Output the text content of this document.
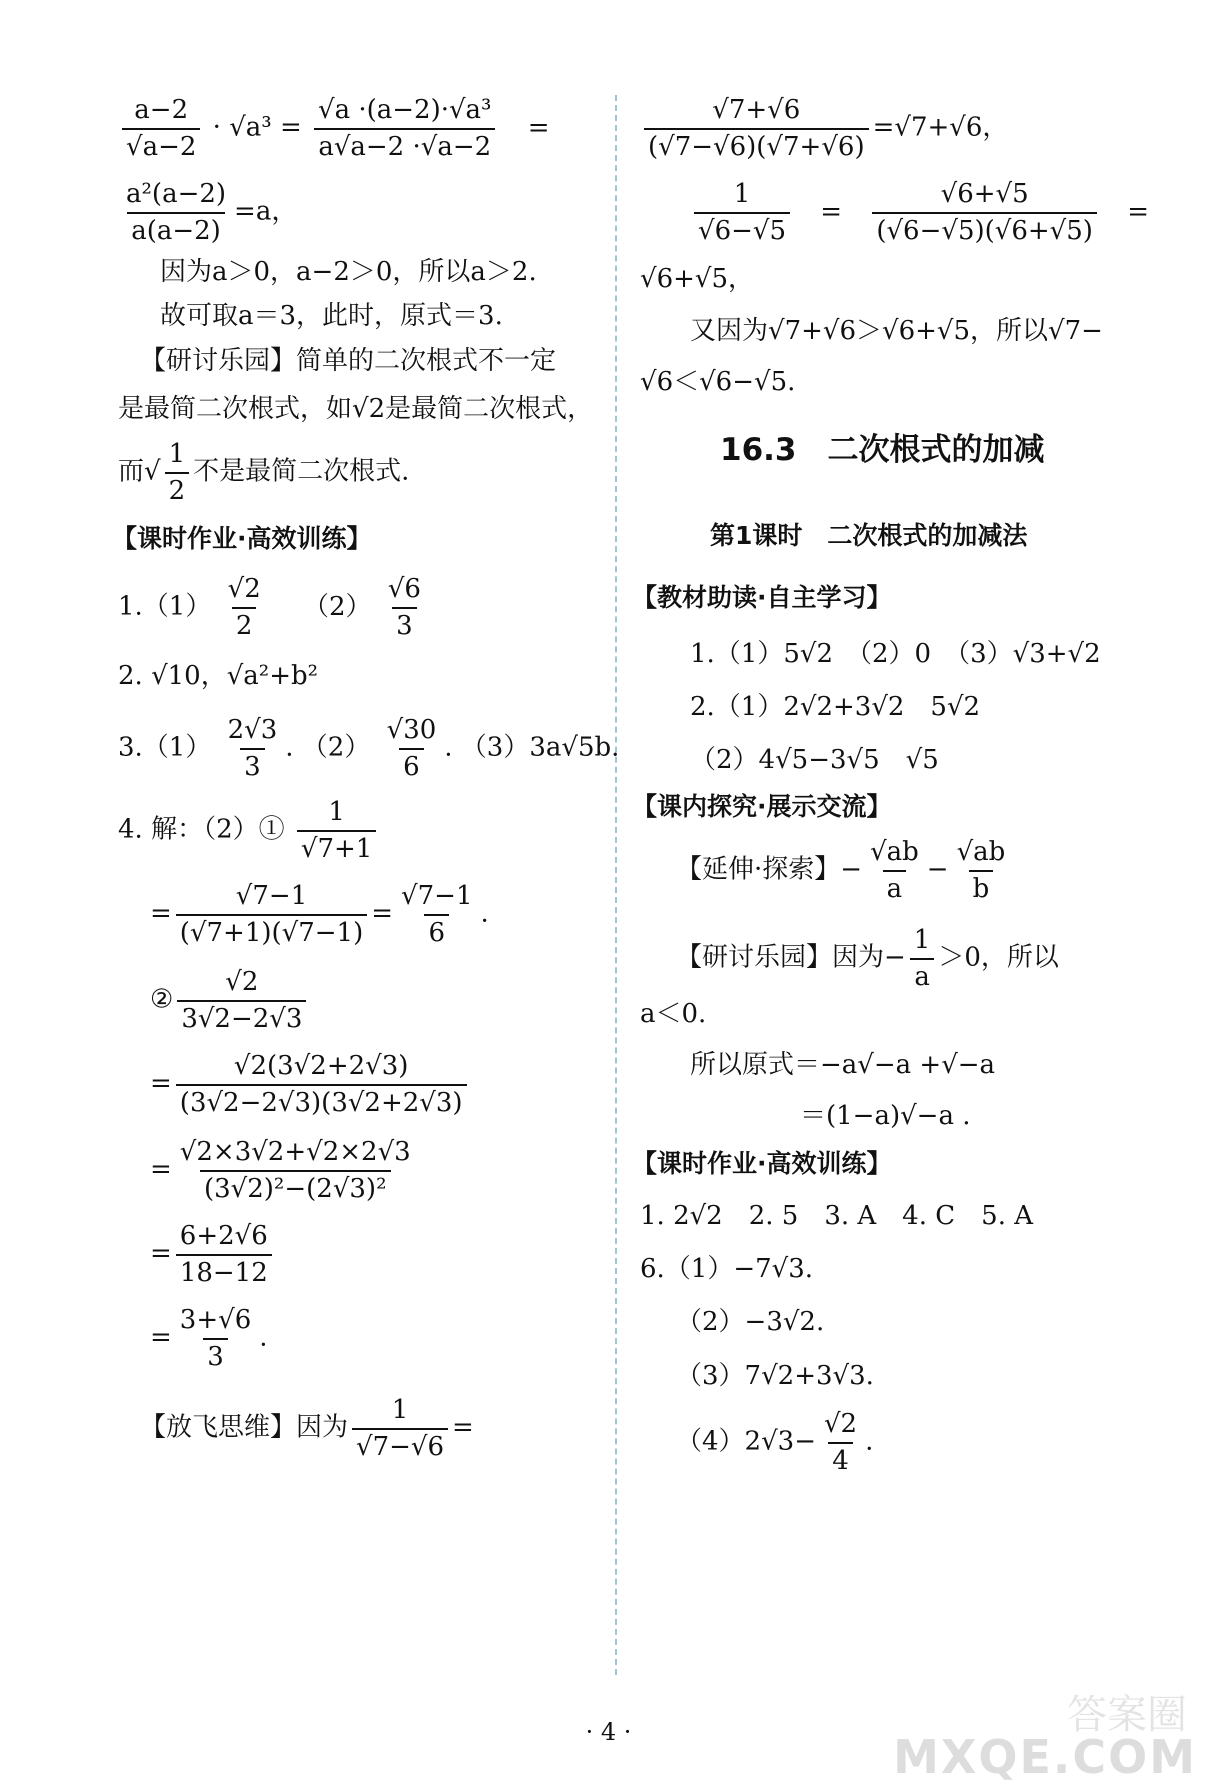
$\frac{a-2}{√a-2} \cdot √a^3 = \frac{\text{√a ·(a−2)·√a³}}{a√a-2 \cdot√a-2}$ =
$\frac{\text{a²(a−2)}}{a(a-2)} =a$，
因为a＞0，a−2＞0，所以a＞2.
故可取a＝3，此时，原式＝3.
【研讨乐园】简单的二次根式不一定
是最简二次根式，如√2是最简二次根式，
而√ $\frac{1}{2}$ 不是最简二次根式.
【课时作业·高效训练】
$1.(1) \frac{√2}{2} (2) \frac{√6}{3}$
2. √10，√a²+b²
$3.(1) \frac{2√3}{3}$ . $(2) \frac{√30}{6}$ . （3）3a√5b.
4. 解：（2）① $\frac{1}{√7+1}$
= $\frac{√7-1}{(√7+1)(√7-1)} = \frac{√7-1}{6}$ .
② $\frac{√2}{3√2-2√3}$
= $\frac{√2(3√2+2√3)}{(3√2-2√3)(3√2+2√3)}$
= $\frac{√2\times 3√2+√2\times 2√3}{\text{(3√2)²−(2√3)²}}$
= $\frac{6+2√6}{18-12}$
= $\frac{3+√6}{3}$ .
【放飞思维】因为 $\frac{1}{√7-√6}$ =
$\frac{√7+√6}{(√7-√6)(√7+√6)} =√7+√6$，
$\frac{1}{√6-√5} = \frac{√6+√5}{(√6-√5)(√6+√5)}$ =
√6+√5，
又因为√7+√6＞√6+√5，所以√7−
√6＜√6−√5.
16.3　二次根式的加减
第1课时　二次根式的加减法
【教材助读·自主学习】
1.（1）5√2　（2）0　（3）√3+√2
2.（1）2√2+3√2　5√2
（2）4√5−3√5　√5
【课内探究·展示交流】
【延伸·探索】− $\frac{√ab}{a} - \frac{√ab}{b}$
【研讨乐园】因为− $\frac{1}{a} >0$，所以
a＜0.
所以原式＝−a√−a +√−a
＝(1−a)√−a .
【课时作业·高效训练】
1. 2√2　2. 5　3. A　4. C　5. A
6.（1）−7√3.
（2）−3√2.
（3）7√2+3√3.
$(4)2√3- \frac{√2}{4}$ .
· 4 ·	答案圈
MXQE.COM
